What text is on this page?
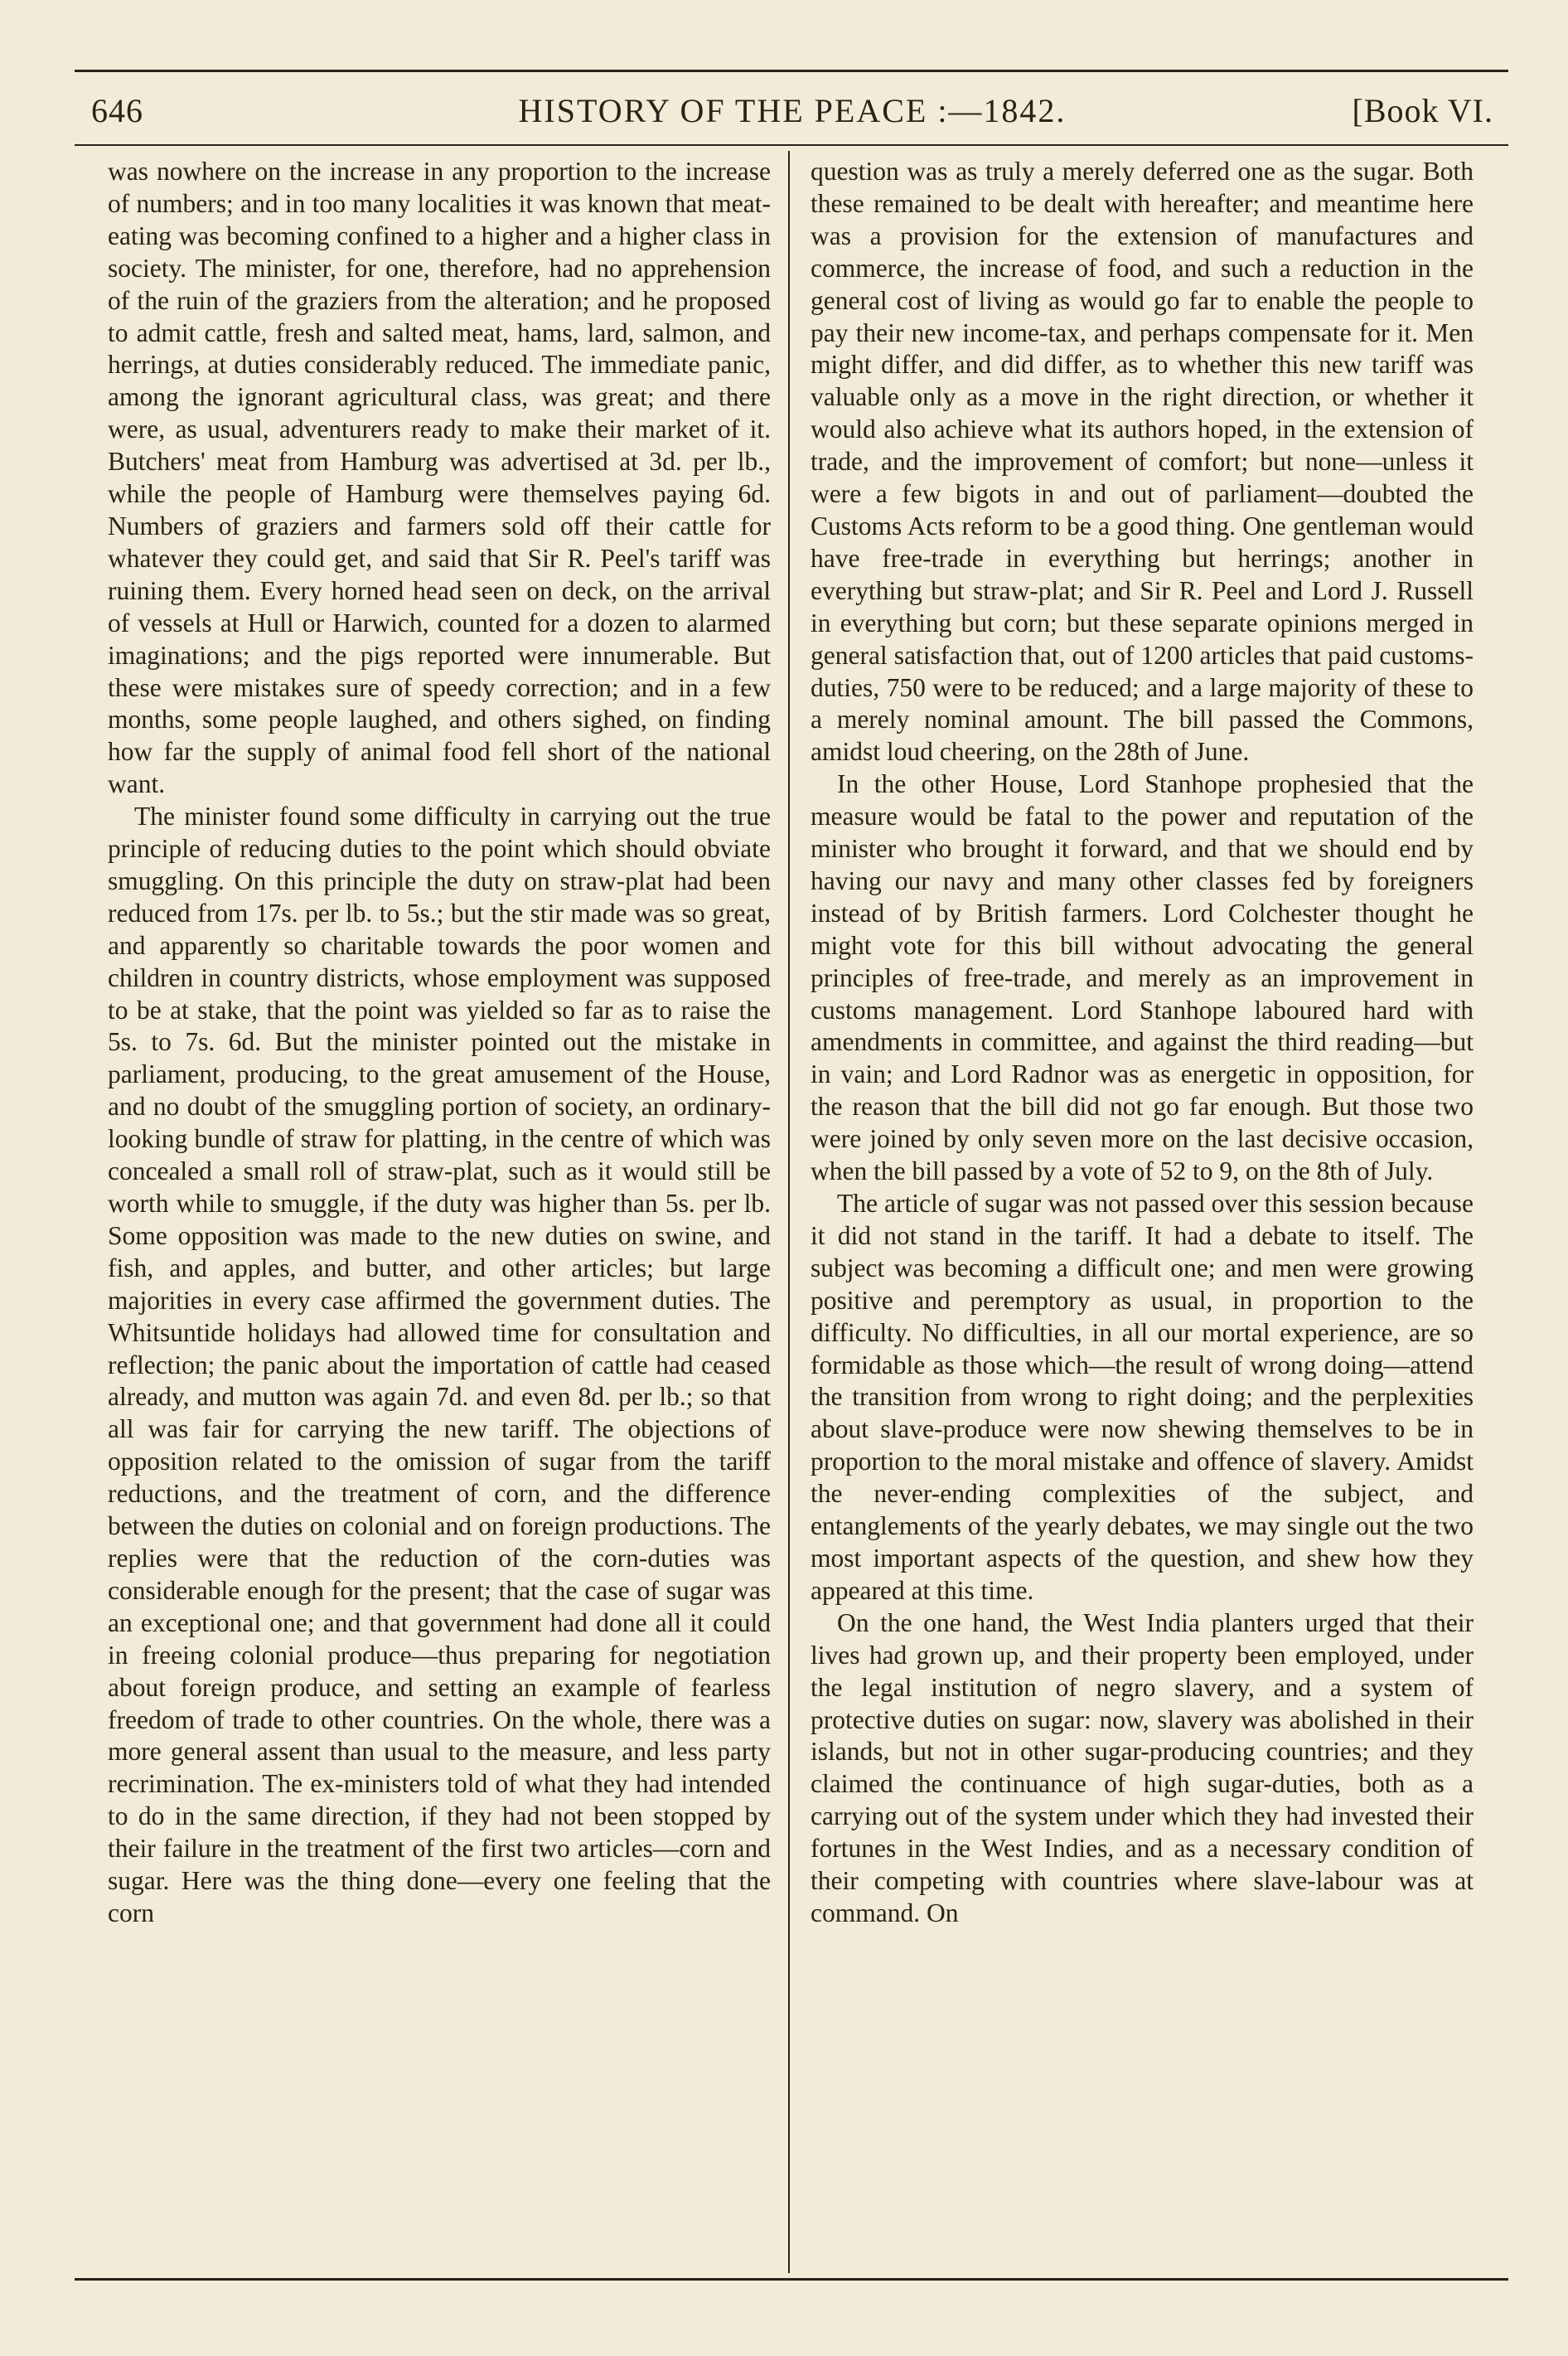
646	HISTORY OF THE PEACE :—1842.	[Book VI.

was nowhere on the increase in any proportion to the increase of numbers; and in too many localities it was known that meat-eating was becoming confined to a higher and a higher class in society. The minister, for one, therefore, had no apprehension of the ruin of the graziers from the alteration; and he proposed to admit cattle, fresh and salted meat, hams, lard, salmon, and herrings, at duties considerably reduced. The immediate panic, among the ignorant agricultural class, was great; and there were, as usual, adventurers ready to make their market of it. Butchers' meat from Hamburg was advertised at 3d. per lb., while the people of Hamburg were themselves paying 6d. Numbers of graziers and farmers sold off their cattle for whatever they could get, and said that Sir R. Peel's tariff was ruining them. Every horned head seen on deck, on the arrival of vessels at Hull or Harwich, counted for a dozen to alarmed imaginations; and the pigs reported were innumerable. But these were mistakes sure of speedy correction; and in a few months, some people laughed, and others sighed, on finding how far the supply of animal food fell short of the national want.

The minister found some difficulty in carrying out the true principle of reducing duties to the point which should obviate smuggling. On this principle the duty on straw-plat had been reduced from 17s. per lb. to 5s.; but the stir made was so great, and apparently so charitable towards the poor women and children in country districts, whose employment was supposed to be at stake, that the point was yielded so far as to raise the 5s. to 7s. 6d. But the minister pointed out the mistake in parliament, producing, to the great amusement of the House, and no doubt of the smuggling portion of society, an ordinary-looking bundle of straw for platting, in the centre of which was concealed a small roll of straw-plat, such as it would still be worth while to smuggle, if the duty was higher than 5s. per lb. Some opposition was made to the new duties on swine, and fish, and apples, and butter, and other articles; but large majorities in every case affirmed the government duties. The Whitsuntide holidays had allowed time for consultation and reflection; the panic about the importation of cattle had ceased already, and mutton was again 7d. and even 8d. per lb.; so that all was fair for carrying the new tariff. The objections of opposition related to the omission of sugar from the tariff reductions, and the treatment of corn, and the difference between the duties on colonial and on foreign productions. The replies were that the reduction of the corn-duties was considerable enough for the present; that the case of sugar was an exceptional one; and that government had done all it could in freeing colonial produce—thus preparing for negotiation about foreign produce, and setting an example of fearless freedom of trade to other countries. On the whole, there was a more general assent than usual to the measure, and less party recrimination. The ex-ministers told of what they had intended to do in the same direction, if they had not been stopped by their failure in the treatment of the first two articles—corn and sugar. Here was the thing done—every one feeling that the corn

question was as truly a merely deferred one as the sugar. Both these remained to be dealt with hereafter; and meantime here was a provision for the extension of manufactures and commerce, the increase of food, and such a reduction in the general cost of living as would go far to enable the people to pay their new income-tax, and perhaps compensate for it. Men might differ, and did differ, as to whether this new tariff was valuable only as a move in the right direction, or whether it would also achieve what its authors hoped, in the extension of trade, and the improvement of comfort; but none—unless it were a few bigots in and out of parliament—doubted the Customs Acts reform to be a good thing. One gentleman would have free-trade in everything but herrings; another in everything but straw-plat; and Sir R. Peel and Lord J. Russell in everything but corn; but these separate opinions merged in general satisfaction that, out of 1200 articles that paid customs-duties, 750 were to be reduced; and a large majority of these to a merely nominal amount. The bill passed the Commons, amidst loud cheering, on the 28th of June.

In the other House, Lord Stanhope prophesied that the measure would be fatal to the power and reputation of the minister who brought it forward, and that we should end by having our navy and many other classes fed by foreigners instead of by British farmers. Lord Colchester thought he might vote for this bill without advocating the general principles of free-trade, and merely as an improvement in customs management. Lord Stanhope laboured hard with amendments in committee, and against the third reading—but in vain; and Lord Radnor was as energetic in opposition, for the reason that the bill did not go far enough. But those two were joined by only seven more on the last decisive occasion, when the bill passed by a vote of 52 to 9, on the 8th of July.

The article of sugar was not passed over this session because it did not stand in the tariff. It had a debate to itself. The subject was becoming a difficult one; and men were growing positive and peremptory as usual, in proportion to the difficulty. No difficulties, in all our mortal experience, are so formidable as those which—the result of wrong doing—attend the transition from wrong to right doing; and the perplexities about slave-produce were now shewing themselves to be in proportion to the moral mistake and offence of slavery. Amidst the never-ending complexities of the subject, and entanglements of the yearly debates, we may single out the two most important aspects of the question, and shew how they appeared at this time.

On the one hand, the West India planters urged that their lives had grown up, and their property been employed, under the legal institution of negro slavery, and a system of protective duties on sugar: now, slavery was abolished in their islands, but not in other sugar-producing countries; and they claimed the continuance of high sugar-duties, both as a carrying out of the system under which they had invested their fortunes in the West Indies, and as a necessary condition of their competing with countries where slave-labour was at command. On
